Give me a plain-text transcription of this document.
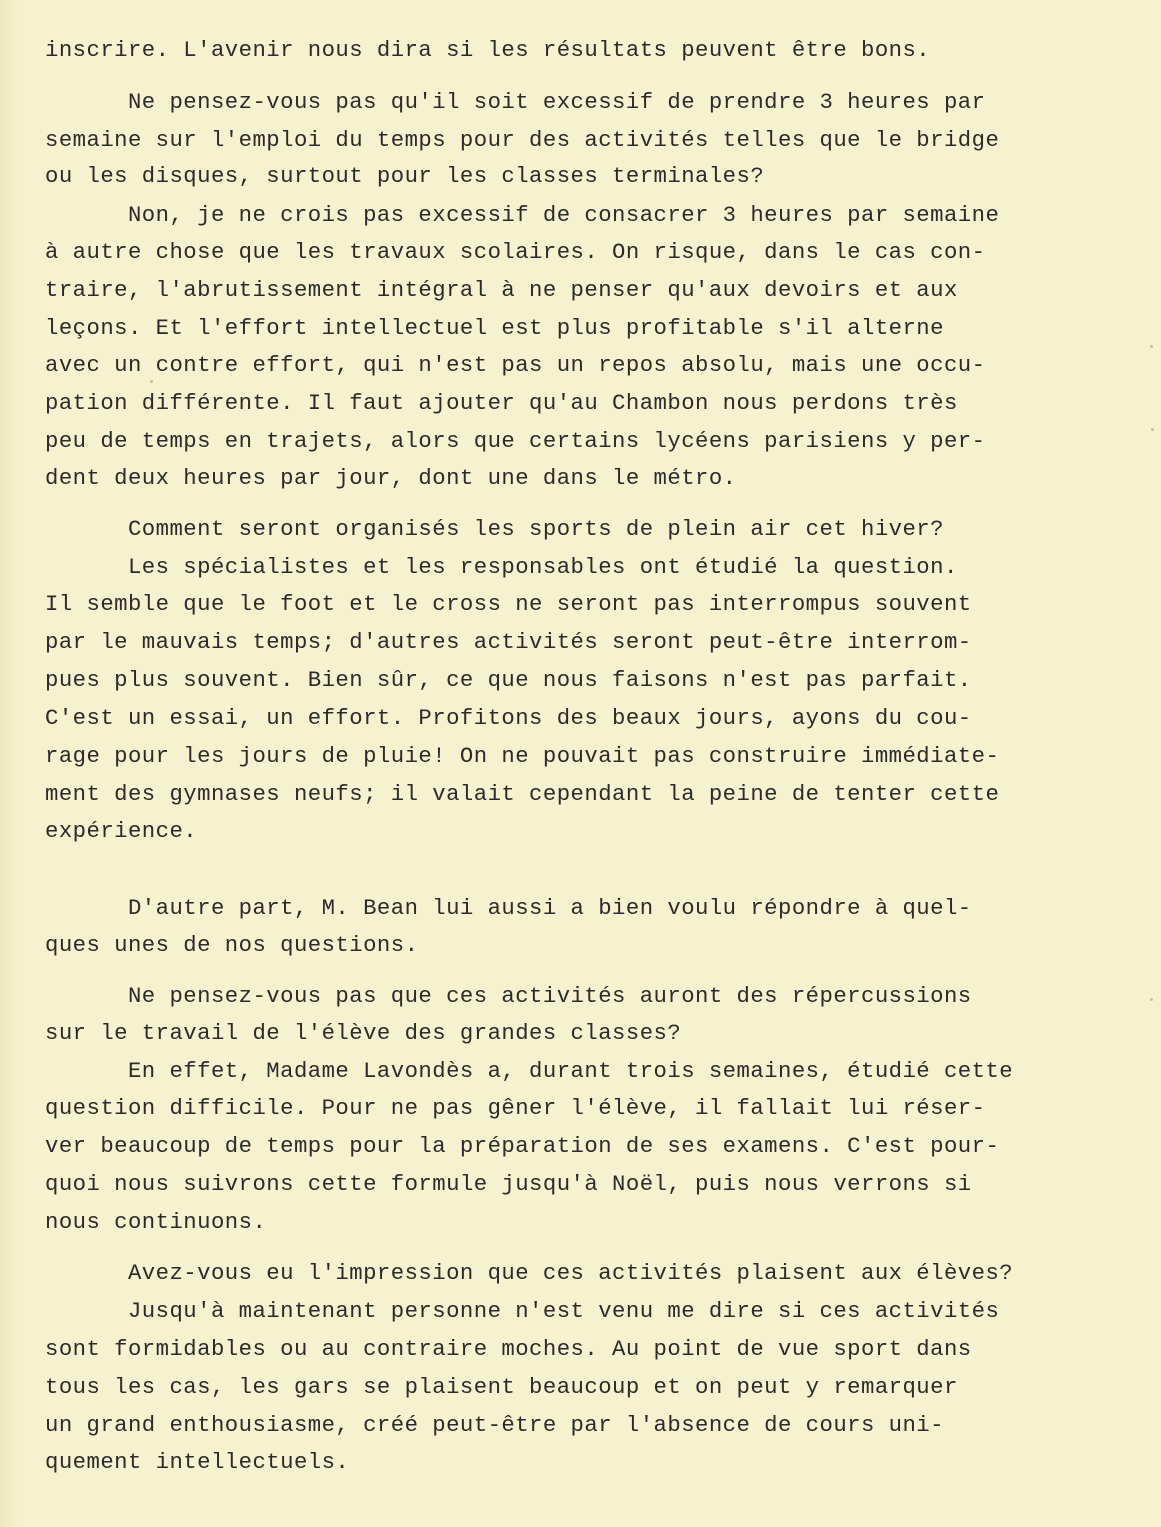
inscrire. L'avenir nous dira si les résultats peuvent être bons.
Ne pensez-vous pas qu'il soit excessif de prendre 3 heures par
semaine sur l'emploi du temps pour des activités telles que le bridge
ou les disques, surtout pour les classes terminales?
Non, je ne crois pas excessif de consacrer 3 heures par semaine
à autre chose que les travaux scolaires. On risque, dans le cas con-
traire, l'abrutissement intégral à ne penser qu'aux devoirs et aux
leçons. Et l'effort intellectuel est plus profitable s'il alterne
avec un contre effort, qui n'est pas un repos absolu, mais une occu-
pation différente. Il faut ajouter qu'au Chambon nous perdons très
peu de temps en trajets, alors que certains lycéens parisiens y per-
dent deux heures par jour, dont une dans le métro.
Comment seront organisés les sports de plein air cet hiver?
Les spécialistes et les responsables ont étudié la question.
Il semble que le foot et le cross ne seront pas interrompus souvent
par le mauvais temps; d'autres activités seront peut-être interrom-
pues plus souvent. Bien sûr, ce que nous faisons n'est pas parfait.
C'est un essai, un effort. Profitons des beaux jours, ayons du cou-
rage pour les jours de pluie! On ne pouvait pas construire immédiate-
ment des gymnases neufs; il valait cependant la peine de tenter cette
expérience.
D'autre part, M. Bean lui aussi a bien voulu répondre à quel-
ques unes de nos questions.
Ne pensez-vous pas que ces activités auront des répercussions
sur le travail de l'élève des grandes classes?
En effet, Madame Lavondès a, durant trois semaines, étudié cette
question difficile. Pour ne pas gêner l'élève, il fallait lui réser-
ver beaucoup de temps pour la préparation de ses examens. C'est pour-
quoi nous suivrons cette formule jusqu'à Noël, puis nous verrons si
nous continuons.
Avez-vous eu l'impression que ces activités plaisent aux élèves?
Jusqu'à maintenant personne n'est venu me dire si ces activités
sont formidables ou au contraire moches. Au point de vue sport dans
tous les cas, les gars se plaisent beaucoup et on peut y remarquer
un grand enthousiasme, créé peut-être par l'absence de cours uni-
quement intellectuels.
